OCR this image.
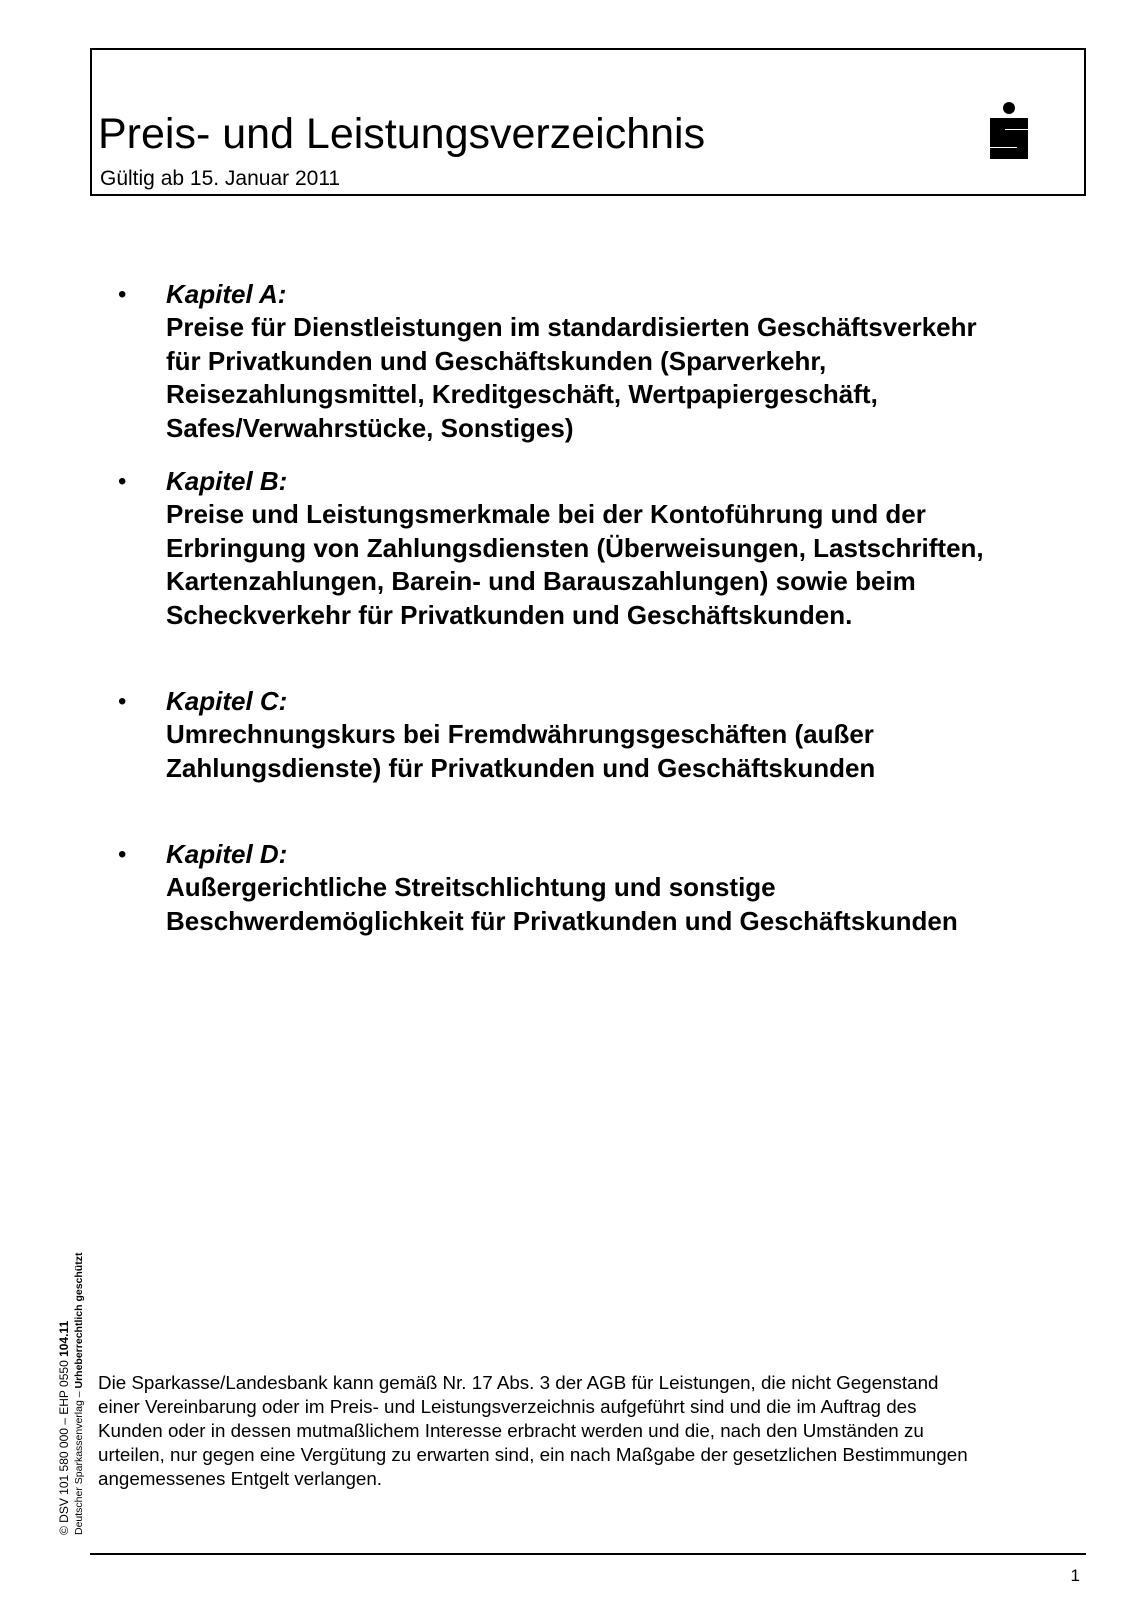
Preis- und Leistungsverzeichnis
Gültig ab 15. Januar 2011
• Kapitel A:
Preise für Dienstleistungen im standardisierten Geschäftsverkehr
für Privatkunden und Geschäftskunden (Sparverkehr,
Reisezahlungsmittel, Kreditgeschäft, Wertpapiergeschäft,
Safes/Verwahrstücke, Sonstiges)
• Kapitel B:
Preise und Leistungsmerkmale bei der Kontoführung und der
Erbringung von Zahlungsdiensten (Überweisungen, Lastschriften,
Kartenzahlungen, Barein- und Barauszahlungen) sowie beim
Scheckverkehr für Privatkunden und Geschäftskunden.
• Kapitel C:
Umrechnungskurs bei Fremdwährungsgeschäften (außer
Zahlungsdienste) für Privatkunden und Geschäftskunden
• Kapitel D:
Außergerichtliche Streitschlichtung und sonstige
Beschwerdemöglichkeit für Privatkunden und Geschäftskunden
Die Sparkasse/Landesbank kann gemäß Nr. 17 Abs. 3 der AGB für Leistungen, die nicht Gegenstand
einer Vereinbarung oder im Preis- und Leistungsverzeichnis aufgeführt sind und die im Auftrag des
Kunden oder in dessen mutmaßlichem Interesse erbracht werden und die, nach den Umständen zu
urteilen, nur gegen eine Vergütung zu erwarten sind, ein nach Maßgabe der gesetzlichen Bestimmungen
angemessenes Entgelt verlangen.
© DSV 101 580 000 – EHP 0550 104.11
Deutscher Sparkassenverlag – Urheberrechtlich geschützt
1
